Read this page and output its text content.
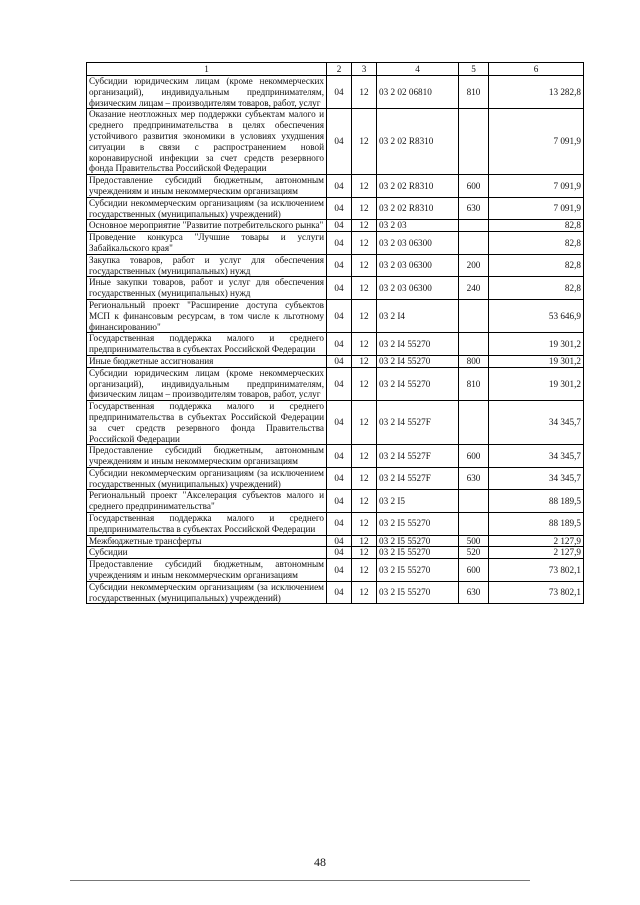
1	2	3	4	5	6
Субсидии юридическим лицам (кроме некоммерческих организаций), индивидуальным предпринимателям, физическим лицам – производителям товаров, работ, услуг	04	12	03 2 02 06810	810	13 282,8
Оказание неотложных мер поддержки субъектам малого и среднего предпринимательства в целях обеспечения устойчивого развития экономики в условиях ухудшения ситуации в связи с распространением новой коронавирусной инфекции за счет средств резервного фонда Правительства Российской Федерации	04	12	03 2 02 R8310		7 091,9
Предоставление субсидий бюджетным, автономным учреждениям и иным некоммерческим организациям	04	12	03 2 02 R8310	600	7 091,9
Субсидии некоммерческим организациям (за исключением государственных (муниципальных) учреждений)	04	12	03 2 02 R8310	630	7 091,9
Основное мероприятие "Развитие потребительского рынка"	04	12	03 2 03		82,8
Проведение конкурса "Лучшие товары и услуги Забайкальского края"	04	12	03 2 03 06300		82,8
Закупка товаров, работ и услуг для обеспечения государственных (муниципальных) нужд	04	12	03 2 03 06300	200	82,8
Иные закупки товаров, работ и услуг для обеспечения государственных (муниципальных) нужд	04	12	03 2 03 06300	240	82,8
Региональный проект "Расширение доступа субъектов МСП к финансовым ресурсам, в том числе к льготному финансированию"	04	12	03 2 I4		53 646,9
Государственная поддержка малого и среднего предпринимательства в субъектах Российской Федерации	04	12	03 2 I4 55270		19 301,2
Иные бюджетные ассигнования	04	12	03 2 I4 55270	800	19 301,2
Субсидии юридическим лицам (кроме некоммерческих организаций), индивидуальным предпринимателям, физическим лицам – производителям товаров, работ, услуг	04	12	03 2 I4 55270	810	19 301,2
Государственная поддержка малого и среднего предпринимательства в субъектах Российской Федерации за счет средств резервного фонда Правительства Российской Федерации	04	12	03 2 I4 5527F		34 345,7
Предоставление субсидий бюджетным, автономным учреждениям и иным некоммерческим организациям	04	12	03 2 I4 5527F	600	34 345,7
Субсидии некоммерческим организациям (за исключением государственных (муниципальных) учреждений)	04	12	03 2 I4 5527F	630	34 345,7
Региональный проект "Акселерация субъектов малого и среднего предпринимательства"	04	12	03 2 I5		88 189,5
Государственная поддержка малого и среднего предпринимательства в субъектах Российской Федерации	04	12	03 2 I5 55270		88 189,5
Межбюджетные трансферты	04	12	03 2 I5 55270	500	2 127,9
Субсидии	04	12	03 2 I5 55270	520	2 127,9
Предоставление субсидий бюджетным, автономным учреждениям и иным некоммерческим организациям	04	12	03 2 I5 55270	600	73 802,1
Субсидии некоммерческим организациям (за исключением государственных (муниципальных) учреждений)	04	12	03 2 I5 55270	630	73 802,1
48
